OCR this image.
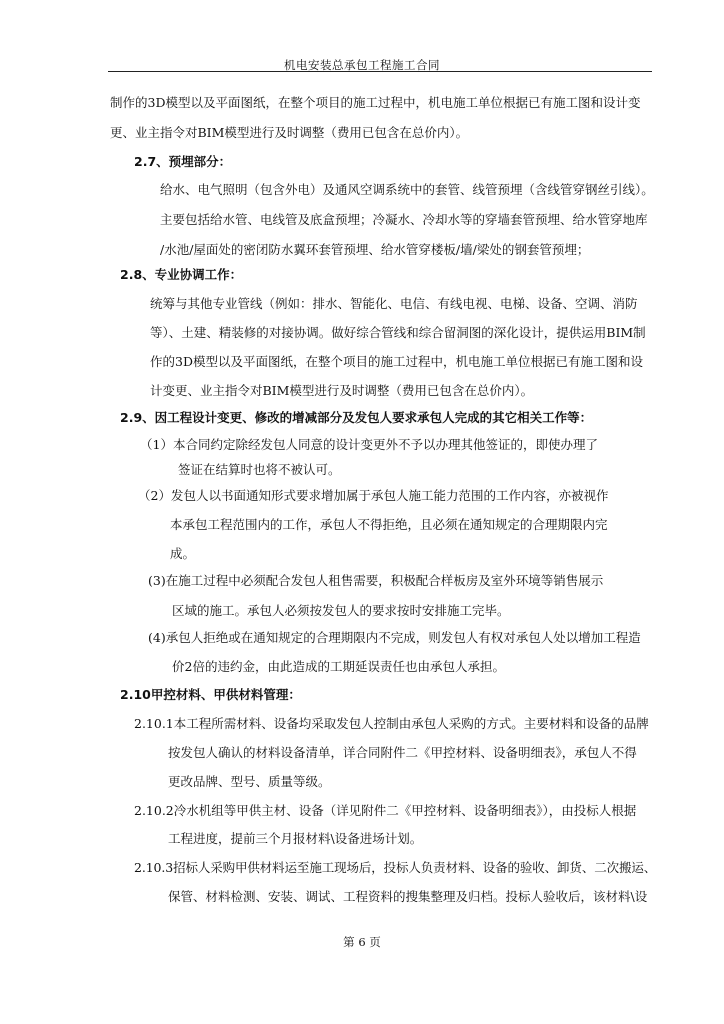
机电安装总承包工程施工合同
制作的3D模型以及平面图纸，在整个项目的施工过程中，机电施工单位根据已有施工图和设计变
更、业主指令对BIM模型进行及时调整（费用已包含在总价内）。
2.7、预埋部分：
给水、电气照明（包含外电）及通风空调系统中的套管、线管预埋（含线管穿钢丝引线）。
主要包括给水管、电线管及底盒预埋；冷凝水、冷却水等的穿墙套管预埋、给水管穿地库
/水池/屋面处的密闭防水翼环套管预埋、给水管穿楼板/墙/梁处的钢套管预埋；
2.8、专业协调工作：
统筹与其他专业管线（例如：排水、智能化、电信、有线电视、电梯、设备、空调、消防
等）、土建、精装修的对接协调。做好综合管线和综合留洞图的深化设计，提供运用BIM制
作的3D模型以及平面图纸，在整个项目的施工过程中，机电施工单位根据已有施工图和设
计变更、业主指令对BIM模型进行及时调整（费用已包含在总价内）。
2.9、因工程设计变更、修改的增减部分及发包人要求承包人完成的其它相关工作等：
（1）本合同约定除经发包人同意的设计变更外不予以办理其他签证的，即使办理了
签证在结算时也将不被认可。
（2）发包人以书面通知形式要求增加属于承包人施工能力范围的工作内容，亦被视作
本承包工程范围内的工作，承包人不得拒绝，且必须在通知规定的合理期限内完
成。
(3)在施工过程中必须配合发包人租售需要，积极配合样板房及室外环境等销售展示
区域的施工。承包人必须按发包人的要求按时安排施工完毕。
(4)承包人拒绝或在通知规定的合理期限内不完成，则发包人有权对承包人处以增加工程造
价2倍的违约金，由此造成的工期延误责任也由承包人承担。
2.10甲控材料、甲供材料管理：
2.10.1本工程所需材料、设备均采取发包人控制由承包人采购的方式。主要材料和设备的品牌
按发包人确认的材料设备清单，详合同附件二《甲控材料、设备明细表》，承包人不得
更改品牌、型号、质量等级。
2.10.2冷水机组等甲供主材、设备（详见附件二《甲控材料、设备明细表》），由投标人根据
工程进度，提前三个月报材料\设备进场计划。
2.10.3招标人采购甲供材料运至施工现场后，投标人负责材料、设备的验收、卸货、二次搬运、
保管、材料检测、安装、调试、工程资料的搜集整理及归档。投标人验收后，该材料\设
第 6 页
